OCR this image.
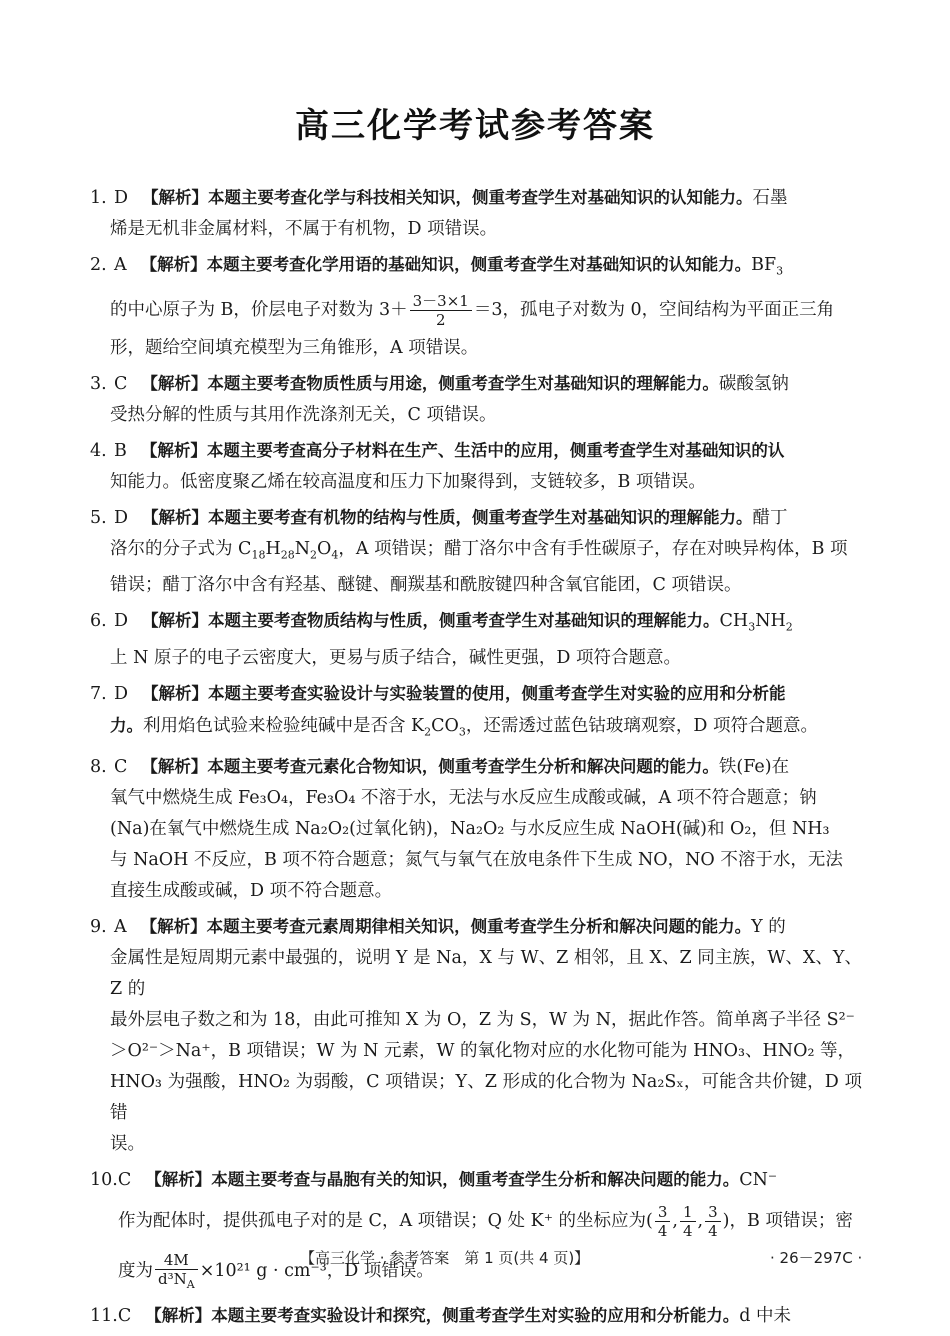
高三化学考试参考答案
1. D 【解析】本题主要考查化学与科技相关知识，侧重考查学生对基础知识的认知能力。石墨
烯是无机非金属材料，不属于有机物，D 项错误。
2. A 【解析】本题主要考查化学用语的基础知识，侧重考查学生对基础知识的认知能力。$BF_3$
的中心原子为 B，价层电子对数为 $3+ \frac{3-3\times 1}{2} =3$，孤电子对数为 0，空间结构为平面正三角
形，题给空间填充模型为三角锥形，A 项错误。
3. C 【解析】本题主要考查物质性质与用途，侧重考查学生对基础知识的理解能力。碳酸氢钠
受热分解的性质与其用作洗涤剂无关，C 项错误。
4. B 【解析】本题主要考查高分子材料在生产、生活中的应用，侧重考查学生对基础知识的认
知能力。低密度聚乙烯在较高温度和压力下加聚得到，支链较多，B 项错误。
5. D 【解析】本题主要考查有机物的结构与性质，侧重考查学生对基础知识的理解能力。醋丁
洛尔的分子式为 $C_{18}H_{28}N_2O_4$，A 项错误；醋丁洛尔中含有手性碳原子，存在对映异构体，B 项
错误；醋丁洛尔中含有羟基、醚键、酮羰基和酰胺键四种含氧官能团，C 项错误。
6. D 【解析】本题主要考查物质结构与性质，侧重考查学生对基础知识的理解能力。$CH_3NH_2$
上 N 原子的电子云密度大，更易与质子结合，碱性更强，D 项符合题意。
7. D 【解析】本题主要考查实验设计与实验装置的使用，侧重考查学生对实验的应用和分析能
力。利用焰色试验来检验纯碱中是否含 $K_2CO_3$，还需透过蓝色钴玻璃观察，D 项符合题意。
8. C 【解析】本题主要考查元素化合物知识，侧重考查学生分析和解决问题的能力。铁(Fe)在
氧气中燃烧生成 Fe₃O₄，Fe₃O₄ 不溶于水，无法与水反应生成酸或碱，A 项不符合题意；钠
(Na)在氧气中燃烧生成 Na₂O₂(过氧化钠)，Na₂O₂ 与水反应生成 NaOH(碱)和 O₂，但 NH₃
与 NaOH 不反应，B 项不符合题意；氮气与氧气在放电条件下生成 NO，NO 不溶于水，无法
直接生成酸或碱，D 项不符合题意。
9. A 【解析】本题主要考查元素周期律相关知识，侧重考查学生分析和解决问题的能力。Y 的
金属性是短周期元素中最强的，说明 Y 是 Na，X 与 W、Z 相邻，且 X、Z 同主族，W、X、Y、Z 的
最外层电子数之和为 18，由此可推知 X 为 O，Z 为 S，W 为 N，据此作答。简单离子半径 S²⁻
＞O²⁻＞Na⁺，B 项错误；W 为 N 元素，W 的氧化物对应的水化物可能为 HNO₃、HNO₂ 等，
HNO₃ 为强酸，HNO₂ 为弱酸，C 项错误；Y、Z 形成的化合物为 Na₂Sₓ，可能含共价键，D 项错
误。
10.C 【解析】本题主要考查与晶胞有关的知识，侧重考查学生分析和解决问题的能力。CN⁻
作为配体时，提供孤电子对的是 C，A 项错误；Q 处 K⁺ 的坐标应为( $\frac{3}{4}$ , $\frac{1}{4}$ , $\frac{3}{4}$ )，B 项错误；密
度为 $\frac{4M}{d^3N_A} \times 10^{21}$ g · cm⁻³，D 项错误。
11.C 【解析】本题主要考查实验设计和探究，侧重考查学生对实验的应用和分析能力。d 中未
【高三化学 · 参考答案　第 1 页(共 4 页)】	· 26－297C ·
